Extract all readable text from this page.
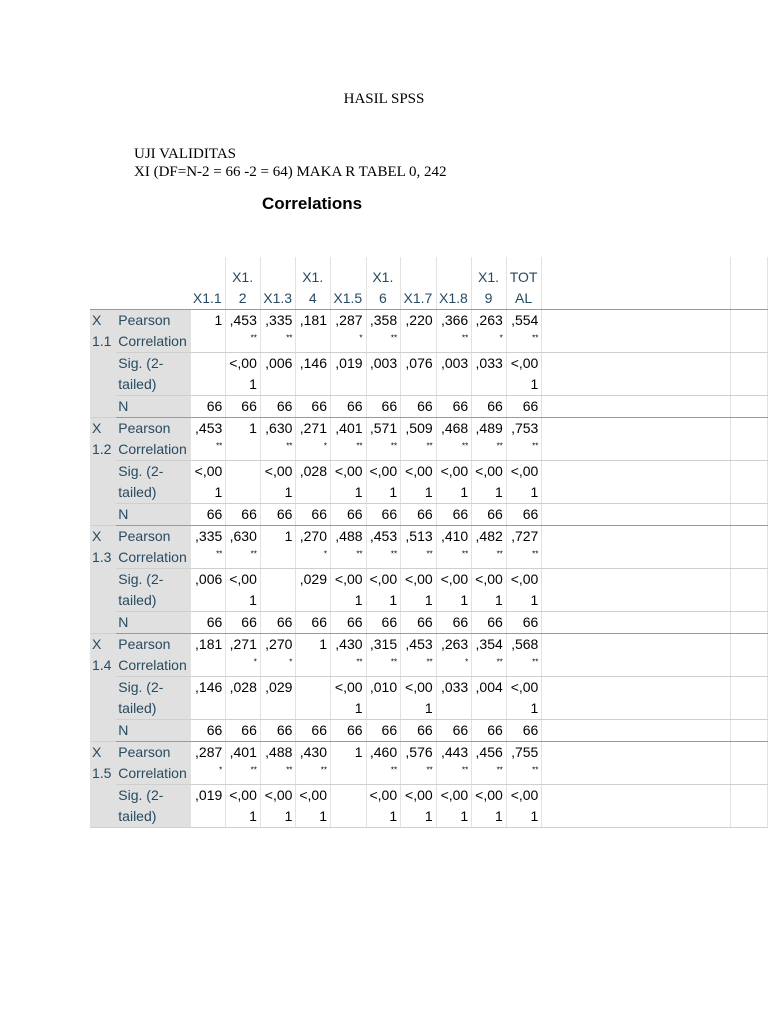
HASIL SPSS
UJI VALIDITAS
XI (DF=N-2 = 66 -2 = 64) MAKA R TABEL 0, 242
Correlations
		X1.1	X1.2	X1.3	X1.4	X1.5	X1.6	X1.7	X1.8	X1.9	TOTAL		
X1.1	Pearson Correlation	1	,453**	,335**	,181	,287*	,358**	,220	,366**	,263*	,554**		
	Sig. (2-tailed)		<,001	,006	,146	,019	,003	,076	,003	,033	<,001		
	N	66	66	66	66	66	66	66	66	66	66		
X1.2	Pearson Correlation	,453**	1	,630**	,271*	,401**	,571**	,509**	,468**	,489**	,753**		
	Sig. (2-tailed)	<,001		<,001	,028	<,001	<,001	<,001	<,001	<,001	<,001		
	N	66	66	66	66	66	66	66	66	66	66		
X1.3	Pearson Correlation	,335**	,630**	1	,270*	,488**	,453**	,513**	,410**	,482**	,727**		
	Sig. (2-tailed)	,006	<,001		,029	<,001	<,001	<,001	<,001	<,001	<,001		
	N	66	66	66	66	66	66	66	66	66	66		
X1.4	Pearson Correlation	,181	,271*	,270*	1	,430**	,315**	,453**	,263*	,354**	,568**		
	Sig. (2-tailed)	,146	,028	,029		<,001	,010	<,001	,033	,004	<,001		
	N	66	66	66	66	66	66	66	66	66	66		
X1.5	Pearson Correlation	,287*	,401**	,488**	,430**	1	,460**	,576**	,443**	,456**	,755**		
	Sig. (2-tailed)	,019	<,001	<,001	<,001		<,001	<,001	<,001	<,001	<,001		
